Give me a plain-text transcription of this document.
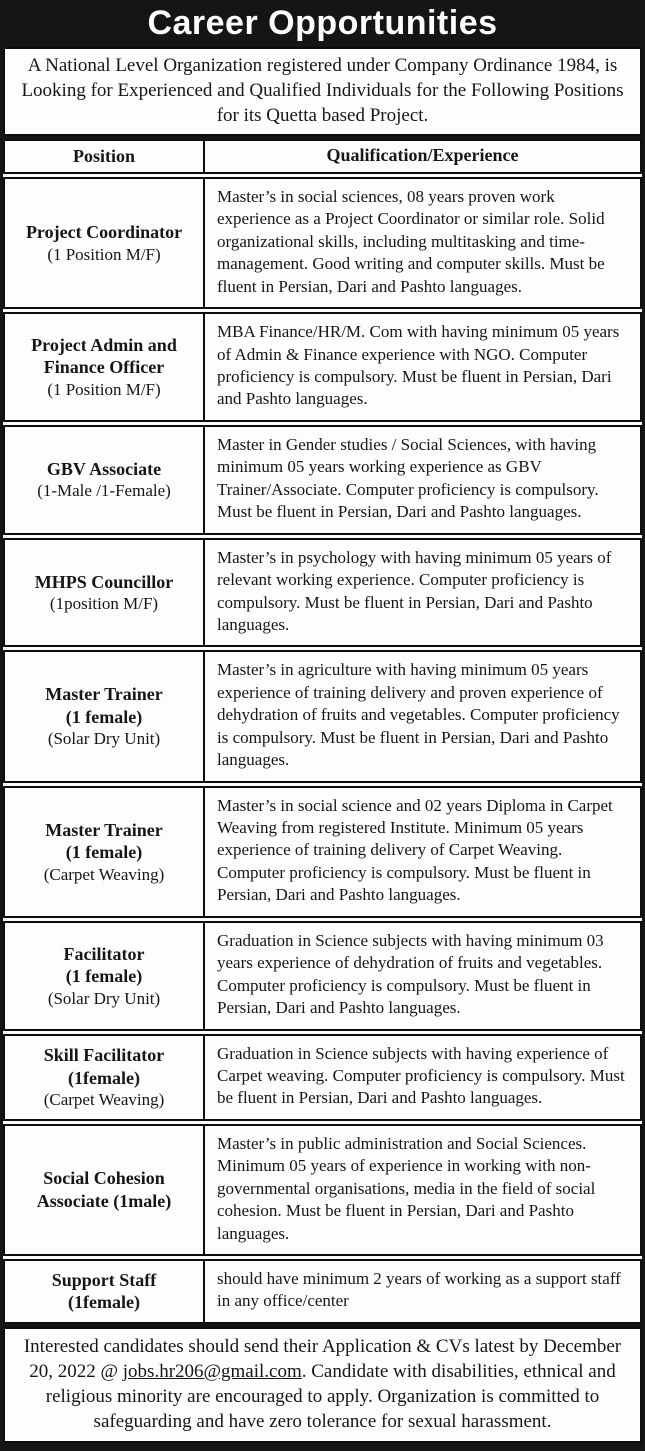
Career Opportunities
A National Level Organization registered under Company Ordinance 1984, is Looking for Experienced and Qualified Individuals for the Following Positions for its Quetta based Project.
Position	Qualification/Experience
Project Coordinator
(1 Position M/F)
Master’s in social sciences, 08 years proven work experience as a Project Coordinator or similar role. Solid organizational skills, including multitasking and time-management. Good writing and computer skills. Must be fluent in Persian, Dari and Pashto languages.
Project Admin and
Finance Officer
(1 Position M/F)
MBA Finance/HR/M. Com with having minimum 05 years of Admin & Finance experience with NGO. Computer proficiency is compulsory. Must be fluent in Persian, Dari and Pashto languages.
GBV Associate
(1-Male /1-Female)
Master in Gender studies / Social Sciences, with having minimum 05 years working experience as GBV Trainer/Associate. Computer proficiency is compulsory. Must be fluent in Persian, Dari and Pashto languages.
MHPS Councillor
(1position M/F)
Master’s in psychology with having minimum 05 years of relevant working experience. Computer proficiency is compulsory. Must be fluent in Persian, Dari and Pashto languages.
Master Trainer
(1 female)
(Solar Dry Unit)
Master’s in agriculture with having minimum 05 years experience of training delivery and proven experience of dehydration of fruits and vegetables. Computer proficiency is compulsory. Must be fluent in Persian, Dari and Pashto languages.
Master Trainer
(1 female)
(Carpet Weaving)
Master’s in social science and 02 years Diploma in Carpet Weaving from registered Institute. Minimum 05 years experience of training delivery of Carpet Weaving. Computer proficiency is compulsory. Must be fluent in Persian, Dari and Pashto languages.
Facilitator
(1 female)
(Solar Dry Unit)
Graduation in Science subjects with having minimum 03 years experience of dehydration of fruits and vegetables. Computer proficiency is compulsory. Must be fluent in Persian, Dari and Pashto languages.
Skill Facilitator
(1female)
(Carpet Weaving)
Graduation in Science subjects with having experience of Carpet weaving. Computer proficiency is compulsory. Must be fluent in Persian, Dari and Pashto languages.
Social Cohesion
Associate (1male)
Master’s in public administration and Social Sciences. Minimum 05 years of experience in working with non-governmental organisations, media in the field of social cohesion. Must be fluent in Persian, Dari and Pashto languages.
Support Staff
(1female)
should have minimum 2 years of working as a support staff in any office/center
Interested candidates should send their Application & CVs latest by December 20, 2022 @ jobs.hr206@gmail.com. Candidate with disabilities, ethnical and religious minority are encouraged to apply. Organization is committed to safeguarding and have zero tolerance for sexual harassment.
